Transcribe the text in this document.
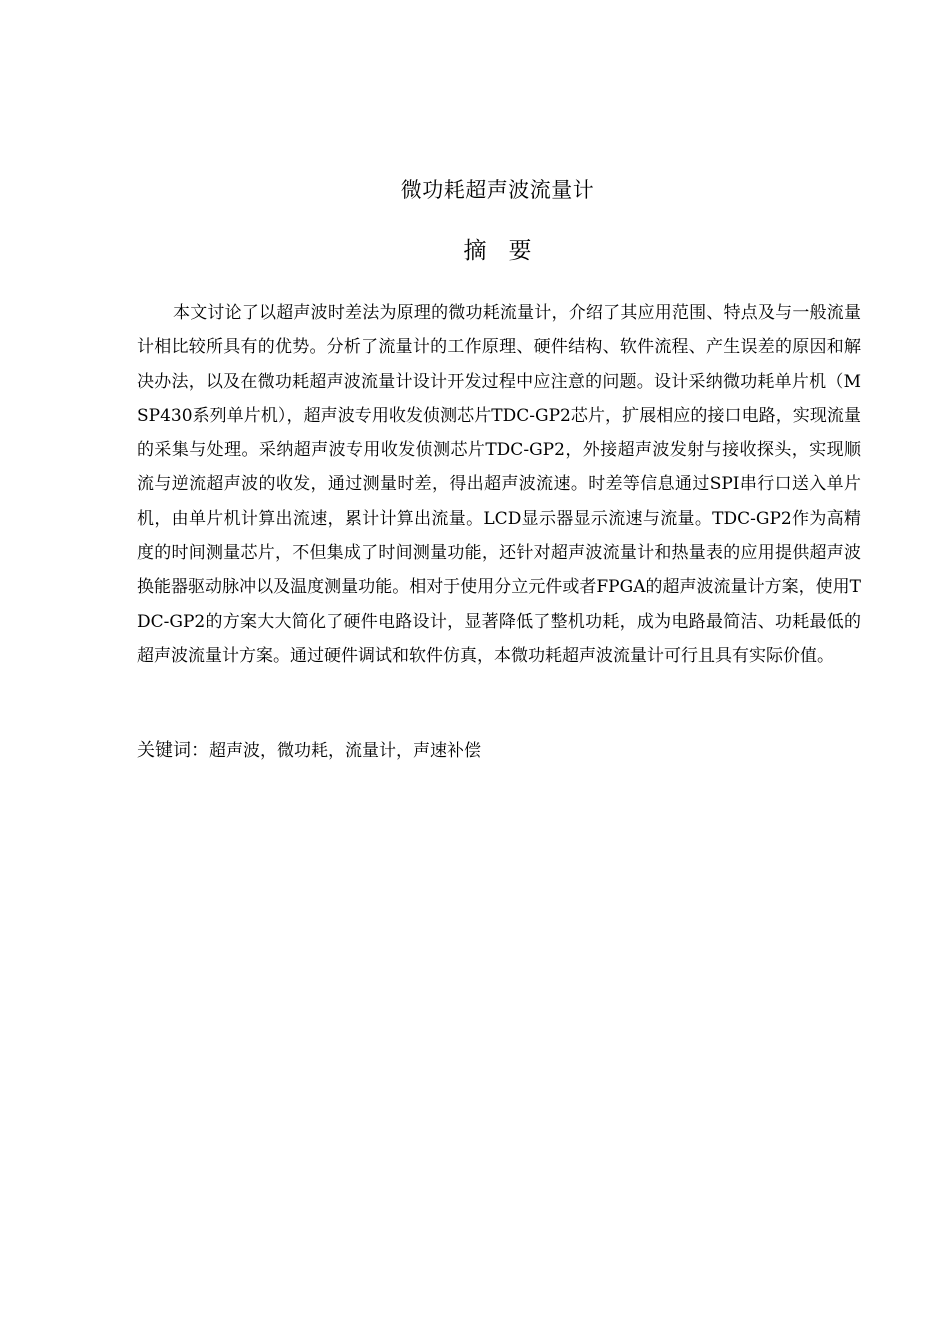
微功耗超声波流量计
摘要

本文讨论了以超声波时差法为原理的微功耗流量计，介绍了其应用范围、特点及与一般流量计相比较所具有的优势。分析了流量计的工作原理、硬件结构、软件流程、产生误差的原因和解决办法，以及在微功耗超声波流量计设计开发过程中应注意的问题。设计采纳微功耗单片机（MSP430系列单片机），超声波专用收发侦测芯片TDC-GP2芯片，扩展相应的接口电路，实现流量的采集与处理。采纳超声波专用收发侦测芯片TDC-GP2，外接超声波发射与接收探头，实现顺流与逆流超声波的收发，通过测量时差，得出超声波流速。时差等信息通过SPI串行口送入单片机，由单片机计算出流速，累计计算出流量。LCD显示器显示流速与流量。TDC-GP2作为高精度的时间测量芯片，不但集成了时间测量功能，还针对超声波流量计和热量表的应用提供超声波换能器驱动脉冲以及温度测量功能。相对于使用分立元件或者FPGA的超声波流量计方案，使用TDC-GP2的方案大大简化了硬件电路设计，显著降低了整机功耗，成为电路最简洁、功耗最低的超声波流量计方案。通过硬件调试和软件仿真，本微功耗超声波流量计可行且具有实际价值。

关键词：超声波，微功耗，流量计，声速补偿
